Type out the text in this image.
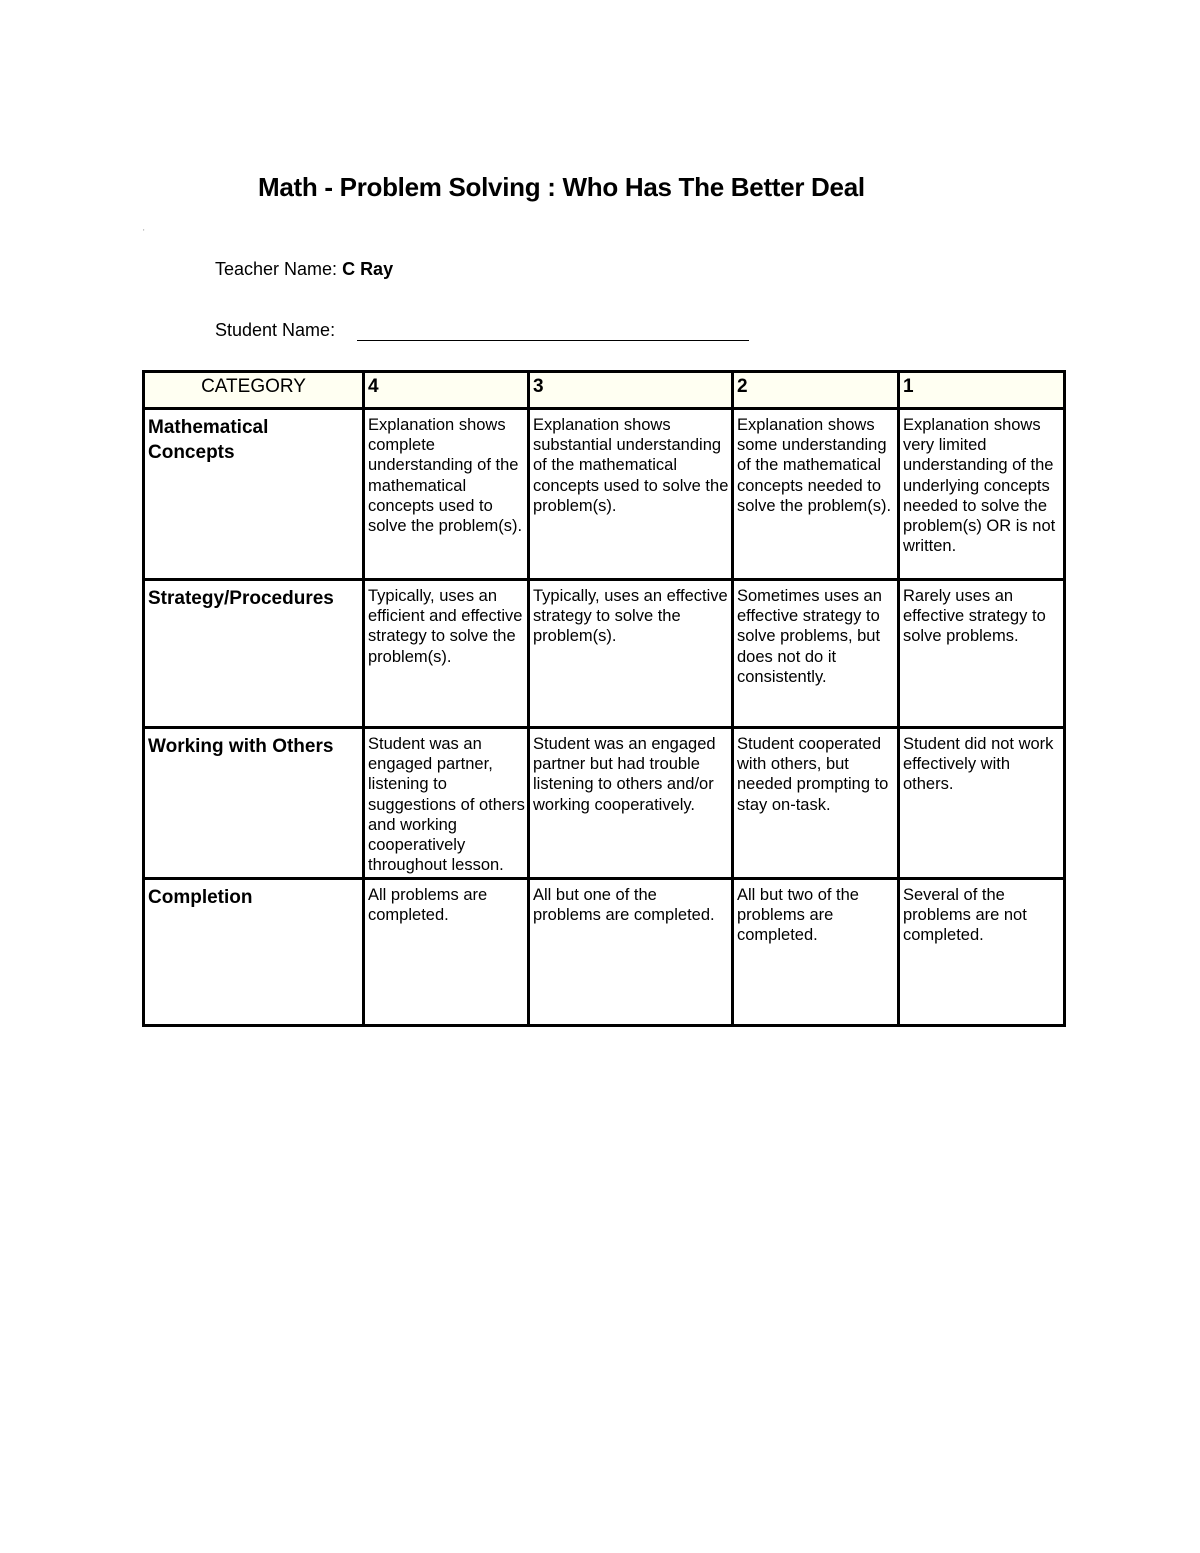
Math - Problem Solving : Who Has The Better Deal
'
Teacher Name: C Ray
Student Name:
CATEGORY	4	3	2	1
Mathematical Concepts	Explanation shows complete understanding of the mathematical concepts used to solve the problem(s).	Explanation shows substantial understanding of the mathematical concepts used to solve the problem(s).	Explanation shows some understanding of the mathematical concepts needed to solve the problem(s).	Explanation shows very limited understanding of the underlying concepts needed to solve the problem(s) OR is not written.
Strategy/Procedures	Typically, uses an efficient and effective strategy to solve the problem(s).	Typically, uses an effective strategy to solve the problem(s).	Sometimes uses an effective strategy to solve problems, but does not do it consistently.	Rarely uses an effective strategy to solve problems.
Working with Others	Student was an engaged partner, listening to suggestions of others and working cooperatively throughout lesson.	Student was an engaged partner but had trouble listening to others and/or working cooperatively.	Student cooperated with others, but needed prompting to stay on-task.	Student did not work effectively with others.
Completion	All problems are completed.	All but one of the problems are completed.	All but two of the problems are completed.	Several of the problems are not completed.
